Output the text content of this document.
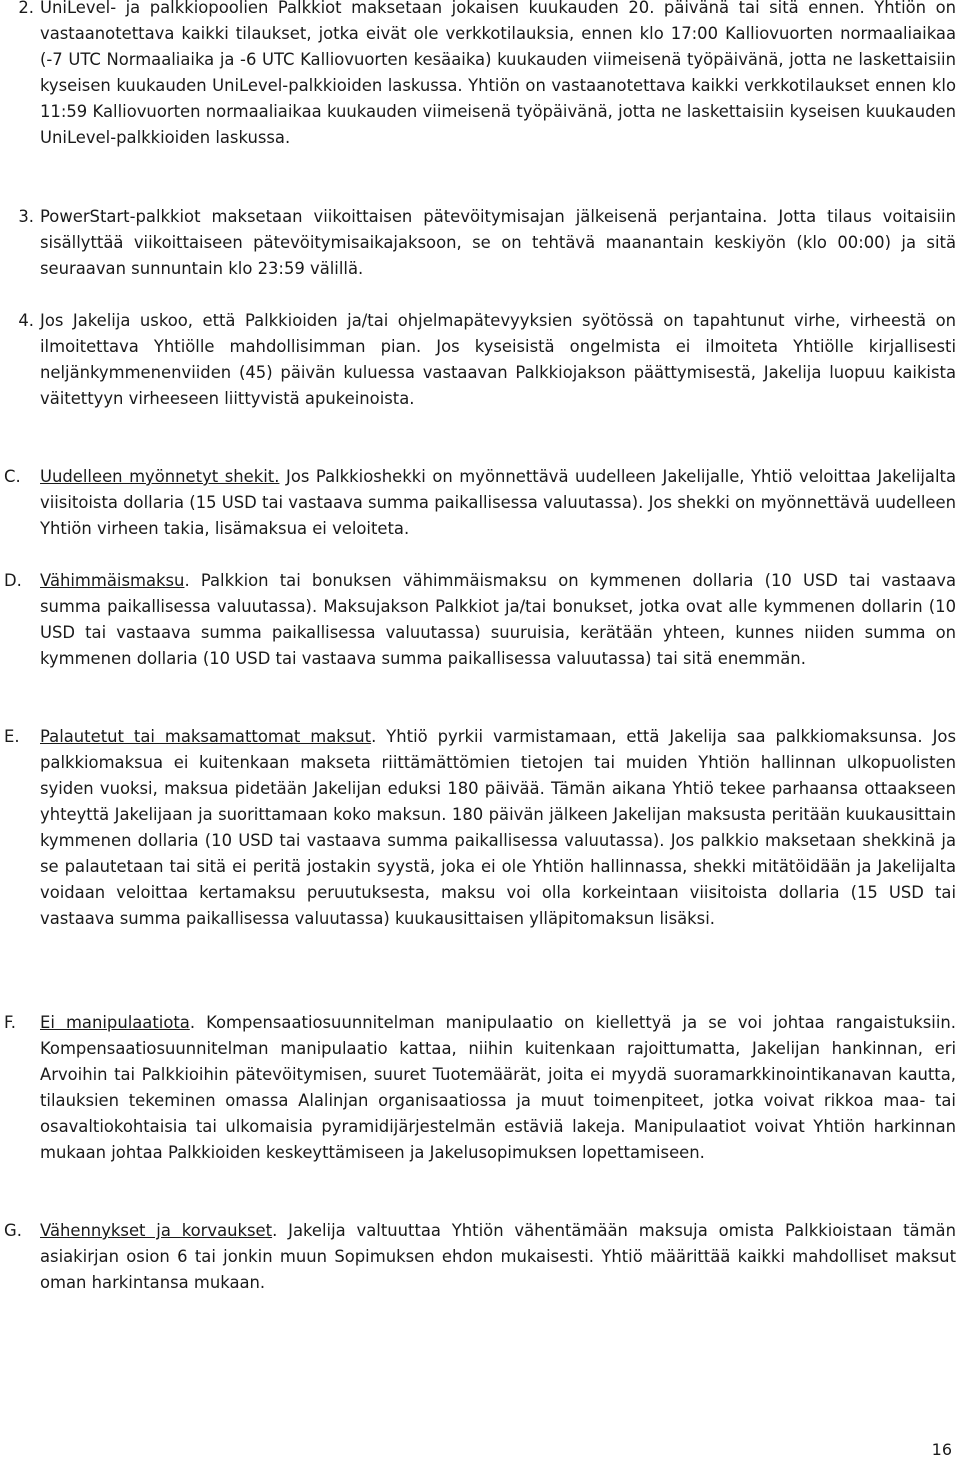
2. UniLevel- ja palkkiopoolien Palkkiot maksetaan jokaisen kuukauden 20. päivänä tai sitä ennen. Yhtiön on vastaanotettava kaikki tilaukset, jotka eivät ole verkkotilauksia, ennen klo 17:00 Kalliovuorten normaaliaikaa (-7 UTC Normaaliaika ja -6 UTC Kalliovuorten kesäaika) kuukauden viimeisenä työpäivänä, jotta ne laskettaisiin kyseisen kuukauden UniLevel-palkkioiden laskussa. Yhtiön on vastaanotettava kaikki verkkotilaukset ennen klo 11:59 Kalliovuorten normaaliaikaa kuukauden viimeisenä työpäivänä, jotta ne laskettaisiin kyseisen kuukauden UniLevel-palkkioiden laskussa.
3. PowerStart-palkkiot maksetaan viikoittaisen pätevöitymisajan jälkeisenä perjantaina. Jotta tilaus voitaisiin sisällyttää viikoittaiseen pätevöitymisaikajaksoon, se on tehtävä maanantain keskiyön (klo 00:00) ja sitä seuraavan sunnuntain klo 23:59 välillä.
4. Jos Jakelija uskoo, että Palkkioiden ja/tai ohjelmapätevyyksien syötössä on tapahtunut virhe, virheestä on ilmoitettava Yhtiölle mahdollisimman pian. Jos kyseisistä ongelmista ei ilmoiteta Yhtiölle kirjallisesti neljänkymmenenviiden (45) päivän kuluessa vastaavan Palkkiojakson päättymisestä, Jakelija luopuu kaikista väitettyyn virheeseen liittyvistä apukeinoista.
C. Uudelleen myönnetyt shekit. Jos Palkkioshekki on myönnettävä uudelleen Jakelijalle, Yhtiö veloittaa Jakelijalta viisitoista dollaria (15 USD tai vastaava summa paikallisessa valuutassa). Jos shekki on myönnettävä uudelleen Yhtiön virheen takia, lisämaksua ei veloiteta.
D. Vähimmäismaksu. Palkkion tai bonuksen vähimmäismaksu on kymmenen dollaria (10 USD tai vastaava summa paikallisessa valuutassa). Maksujakson Palkkiot ja/tai bonukset, jotka ovat alle kymmenen dollarin (10 USD tai vastaava summa paikallisessa valuutassa) suuruisia, kerätään yhteen, kunnes niiden summa on kymmenen dollaria (10 USD tai vastaava summa paikallisessa valuutassa) tai sitä enemmän.
E. Palautetut tai maksamattomat maksut. Yhtiö pyrkii varmistamaan, että Jakelija saa palkkiomaksunsa. Jos palkkiomaksua ei kuitenkaan makseta riittämättömien tietojen tai muiden Yhtiön hallinnan ulkopuolisten syiden vuoksi, maksua pidetään Jakelijan eduksi 180 päivää. Tämän aikana Yhtiö tekee parhaansa ottaakseen yhteyttä Jakelijaan ja suorittamaan koko maksun. 180 päivän jälkeen Jakelijan maksusta peritään kuukausittain kymmenen dollaria (10 USD tai vastaava summa paikallisessa valuutassa). Jos palkkio maksetaan shekkinä ja se palautetaan tai sitä ei peritä jostakin syystä, joka ei ole Yhtiön hallinnassa, shekki mitätöidään ja Jakelijalta voidaan veloittaa kertamaksu peruutuksesta, maksu voi olla korkeintaan viisitoista dollaria (15 USD tai vastaava summa paikallisessa valuutassa) kuukausittaisen ylläpitomaksun lisäksi.
F. Ei manipulaatiota. Kompensaatiosuunnitelman manipulaatio on kiellettyä ja se voi johtaa rangaistuksiin. Kompensaatiosuunnitelman manipulaatio kattaa, niihin kuitenkaan rajoittumatta, Jakelijan hankinnan, eri Arvoihin tai Palkkioihin pätevöitymisen, suuret Tuotemäärät, joita ei myydä suoramarkkinointikanavan kautta, tilauksien tekeminen omassa Alalinjan organisaatiossa ja muut toimenpiteet, jotka voivat rikkoa maa- tai osavaltiokohtaisia tai ulkomaisia pyramidijärjestelmän estäviä lakeja. Manipulaatiot voivat Yhtiön harkinnan mukaan johtaa Palkkioiden keskeyttämiseen ja Jakelusopimuksen lopettamiseen.
G. Vähennykset ja korvaukset. Jakelija valtuuttaa Yhtiön vähentämään maksuja omista Palkkioistaan tämän asiakirjan osion 6 tai jonkin muun Sopimuksen ehdon mukaisesti. Yhtiö määrittää kaikki mahdolliset maksut oman harkintansa mukaan.
16
